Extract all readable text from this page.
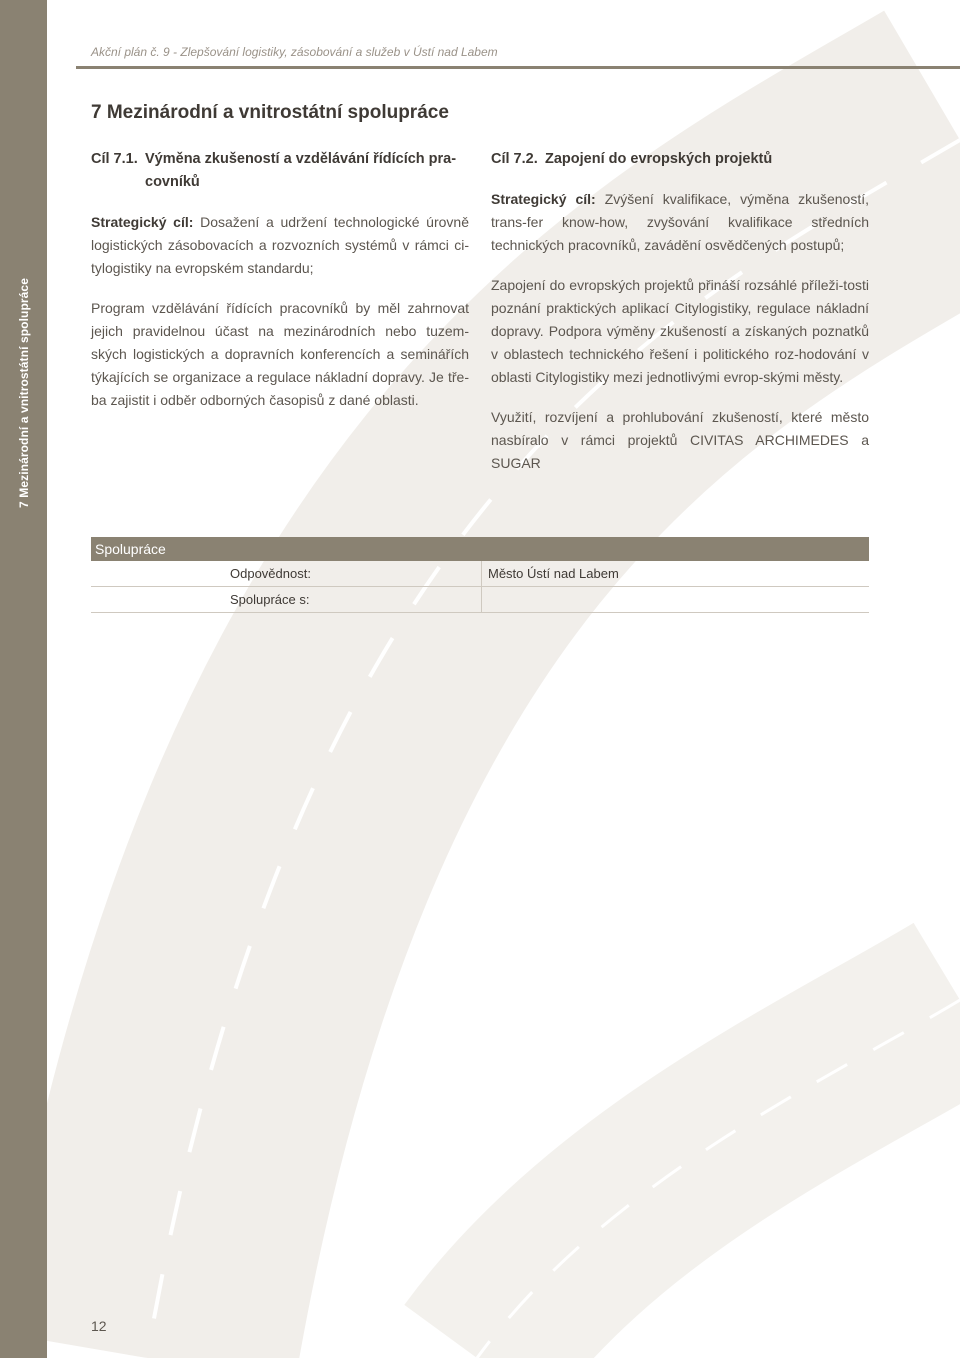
7 Mezinárodní a vnitrostátní spolupráce
Akční plán č. 9 - Zlepšování logistiky, zásobování a služeb v Ústí nad Labem
7 Mezinárodní a vnitrostátní spolupráce

Cíl 7.1. Výměna zkušeností a vzdělávání řídících pra-
covníků

Strategický cíl: Dosažení a udržení technologické úrovně logistických zásobovacích a rozvozních systémů v rámci ci-tylogistiky na evropském standardu;

Program vzdělávání řídících pracovníků by měl zahrnovat jejich pravidelnou účast na mezinárodních nebo tuzem-ských logistických a dopravních konferencích a seminářích týkajících se organizace a regulace nákladní dopravy. Je tře-ba zajistit i odběr odborných časopisů z dané oblasti.

Cíl 7.2. Zapojení do evropských projektů

Strategický cíl: Zvýšení kvalifikace, výměna zkušeností, trans-fer know-how, zvyšování kvalifikace středních technických pracovníků, zavádění osvědčených postupů;

Zapojení do evropských projektů přináší rozsáhlé příleži-tosti poznání praktických aplikací Citylogistiky, regulace nákladní dopravy. Podpora výměny zkušeností a získaných poznatků v oblastech technického řešení i politického roz-hodování v oblasti Citylogistiky mezi jednotlivými evrop-skými městy.

Využití, rozvíjení a prohlubování zkušeností, které město nasbíralo v rámci projektů CIVITAS ARCHIMEDES a SUGAR

Spolupráce	
Odpovědnost:	Město Ústí nad Labem
Spolupráce s:	
12
